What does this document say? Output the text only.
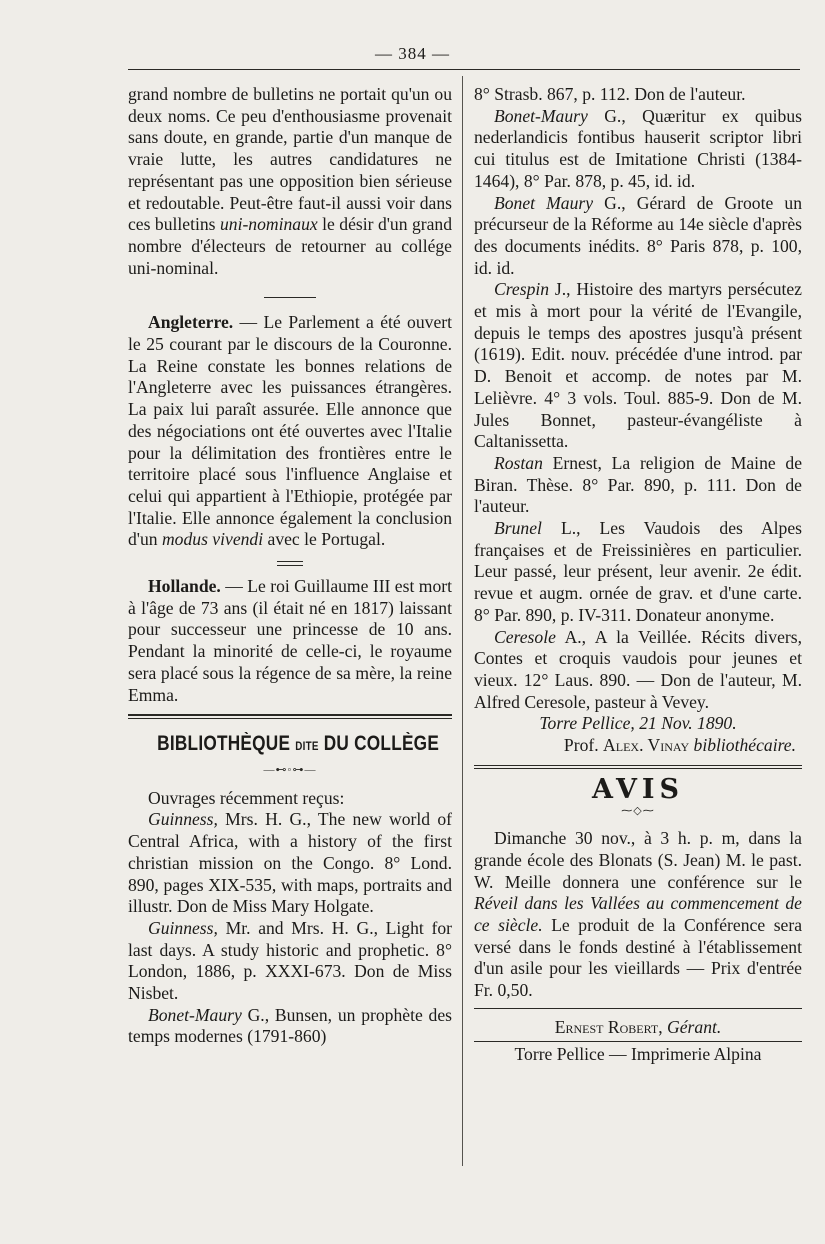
— 384 —

grand nombre de bulletins ne portait qu'un ou deux noms. Ce peu d'enthousiasme provenait sans doute, en grande, partie d'un manque de vraie lutte, les autres candidatures ne représentant pas une opposition bien sérieuse et redoutable. Peut-être faut-il aussi voir dans ces bulletins uni-nominaux le désir d'un grand nombre d'électeurs de retourner au collége uni-nominal.

Angleterre. — Le Parlement a été ouvert le 25 courant par le discours de la Couronne. La Reine constate les bonnes relations de l'Angleterre avec les puissances étrangères. La paix lui paraît assurée. Elle annonce que des négociations ont été ouvertes avec l'Italie pour la délimitation des frontières entre le territoire placé sous l'influence Anglaise et celui qui appartient à l'Ethiopie, protégée par l'Italie. Elle annonce également la conclusion d'un modus vivendi avec le Portugal.

Hollande. — Le roi Guillaume III est mort à l'âge de 73 ans (il était né en 1817) laissant pour successeur une princesse de 10 ans. Pendant la minorité de celle-ci, le royaume sera placé sous la régence de sa mère, la reine Emma.

BIBLIOTHÈQUE DITE DU COLLÈGE
—⊷◦⊶—

Ouvrages récemment reçus:

Guinness, Mrs. H. G., The new world of Central Africa, with a history of the first christian mission on the Congo. 8° Lond. 890, pages XIX-535, with maps, portraits and illustr. Don de Miss Mary Holgate.

Guinness, Mr. and Mrs. H. G., Light for last days. A study historic and prophetic. 8° London, 1886, p. XXXI-673. Don de Miss Nisbet.

Bonet-Maury G., Bunsen, un prophète des temps modernes (1791-860)

8° Strasb. 867, p. 112. Don de l'auteur.

Bonet-Maury G., Quæritur ex quibus nederlandicis fontibus hauserit scriptor libri cui titulus est de Imitatione Christi (1384-1464), 8° Par. 878, p. 45, id. id.

Bonet Maury G., Gérard de Groote un précurseur de la Réforme au 14e siècle d'après des documents inédits. 8° Paris 878, p. 100, id. id.

Crespin J., Histoire des martyrs persécutez et mis à mort pour la vérité de l'Evangile, depuis le temps des apostres jusqu'à présent (1619). Edit. nouv. précédée d'une introd. par D. Benoit et accomp. de notes par M. Lelièvre. 4° 3 vols. Toul. 885-9. Don de M. Jules Bonnet, pasteur-évangéliste à Caltanissetta.

Rostan Ernest, La religion de Maine de Biran. Thèse. 8° Par. 890, p. 111. Don de l'auteur.

Brunel L., Les Vaudois des Alpes françaises et de Freissinières en particulier. Leur passé, leur présent, leur avenir. 2e édit. revue et augm. ornée de grav. et d'une carte. 8° Par. 890, p. IV-311. Donateur anonyme.

Ceresole A., A la Veillée. Récits divers, Contes et croquis vaudois pour jeunes et vieux. 12° Laus. 890. — Don de l'auteur, M. Alfred Ceresole, pasteur à Vevey.

Torre Pellice, 21 Nov. 1890.

Prof. Alex. Vinay bibliothécaire.

AVIS
⁓◇⁓

Dimanche 30 nov., à 3 h. p. m, dans la grande école des Blonats (S. Jean) M. le past. W. Meille donnera une conférence sur le Réveil dans les Vallées au commencement de ce siècle. Le produit de la Conférence sera versé dans le fonds destiné à l'établissement d'un asile pour les vieillards — Prix d'entrée Fr. 0,50.

Ernest Robert, Gérant.

Torre Pellice — Imprimerie Alpina
